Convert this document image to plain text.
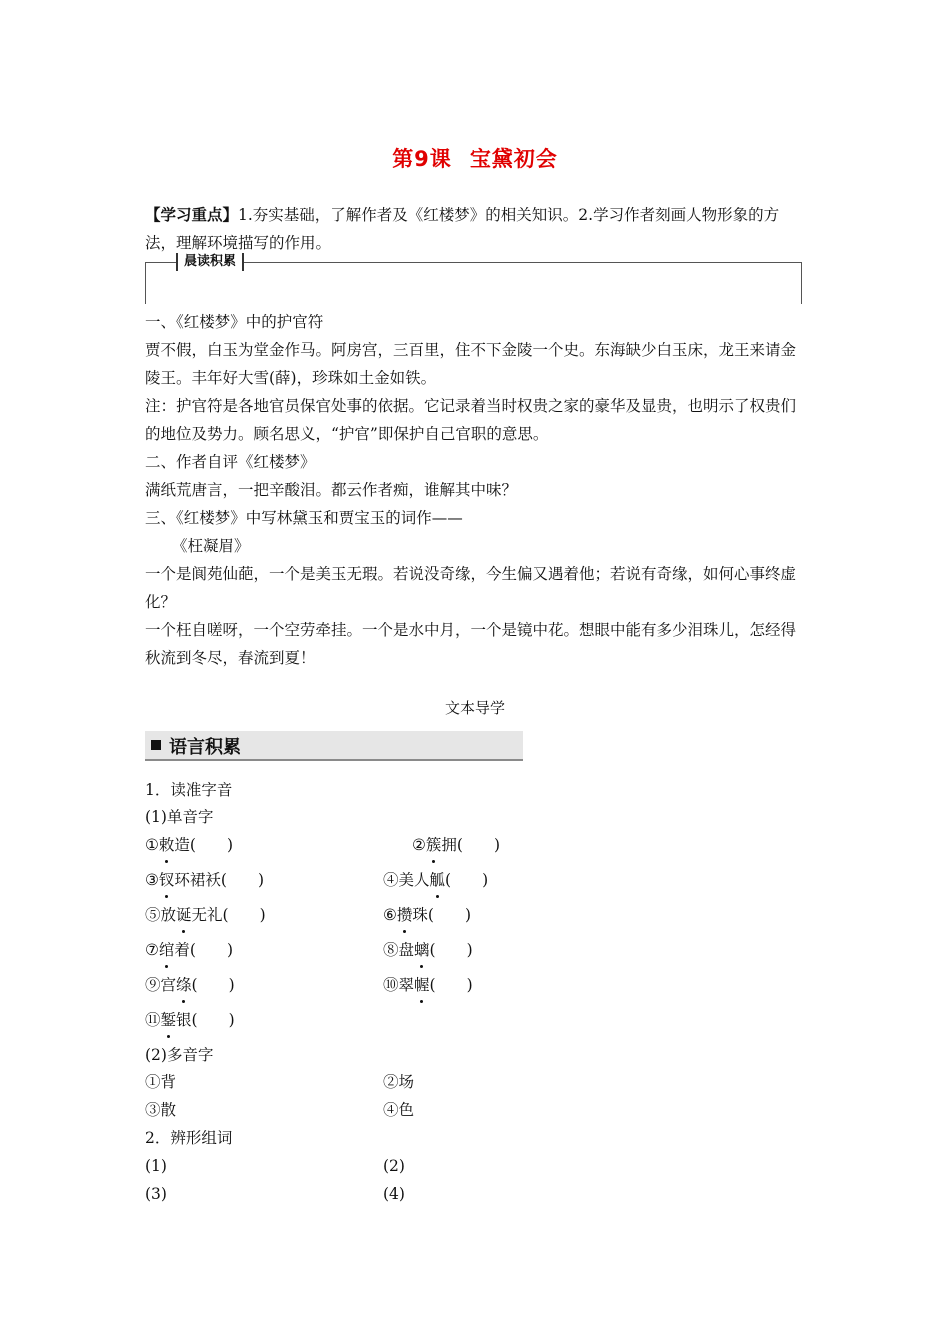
第9课 宝黛初会
【学习重点】1.夯实基础，了解作者及《红楼梦》的相关知识。2.学习作者刻画人物形象的方法，理解环境描写的作用。
晨读积累
一、《红楼梦》中的护官符
贾不假，白玉为堂金作马。阿房宫，三百里，住不下金陵一个史。东海缺少白玉床，龙王来请金陵王。丰年好大雪(薛)，珍珠如土金如铁。
注：护官符是各地官员保官处事的依据。它记录着当时权贵之家的豪华及显贵，也明示了权贵们的地位及势力。顾名思义，“护官”即保护自己官职的意思。
二、作者自评《红楼梦》
满纸荒唐言，一把辛酸泪。都云作者痴，谁解其中味？
三、《红楼梦》中写林黛玉和贾宝玉的词作——
《枉凝眉》
一个是阆苑仙葩，一个是美玉无瑕。若说没奇缘，今生偏又遇着他；若说有奇缘，如何心事终虚化？
一个枉自嗟呀，一个空劳牵挂。一个是水中月，一个是镜中花。想眼中能有多少泪珠儿，怎经得秋流到冬尽，春流到夏！
文本导学
语言积累
1．读准字音
(1)单音字
①敕造(　　)	②簇拥(　　)
③钗环裙袄(　　)	④美人觚(　　)
⑤放诞无礼(　　)	⑥攒珠(　　)
⑦绾着(　　)	⑧盘螭(　　)
⑨宫绦(　　)	⑩翠幄(　　)
⑪錾银(　　)
(2)多音字
①背	②场
③散	④色
2．辨形组词
(1)	(2)
(3)	(4)
